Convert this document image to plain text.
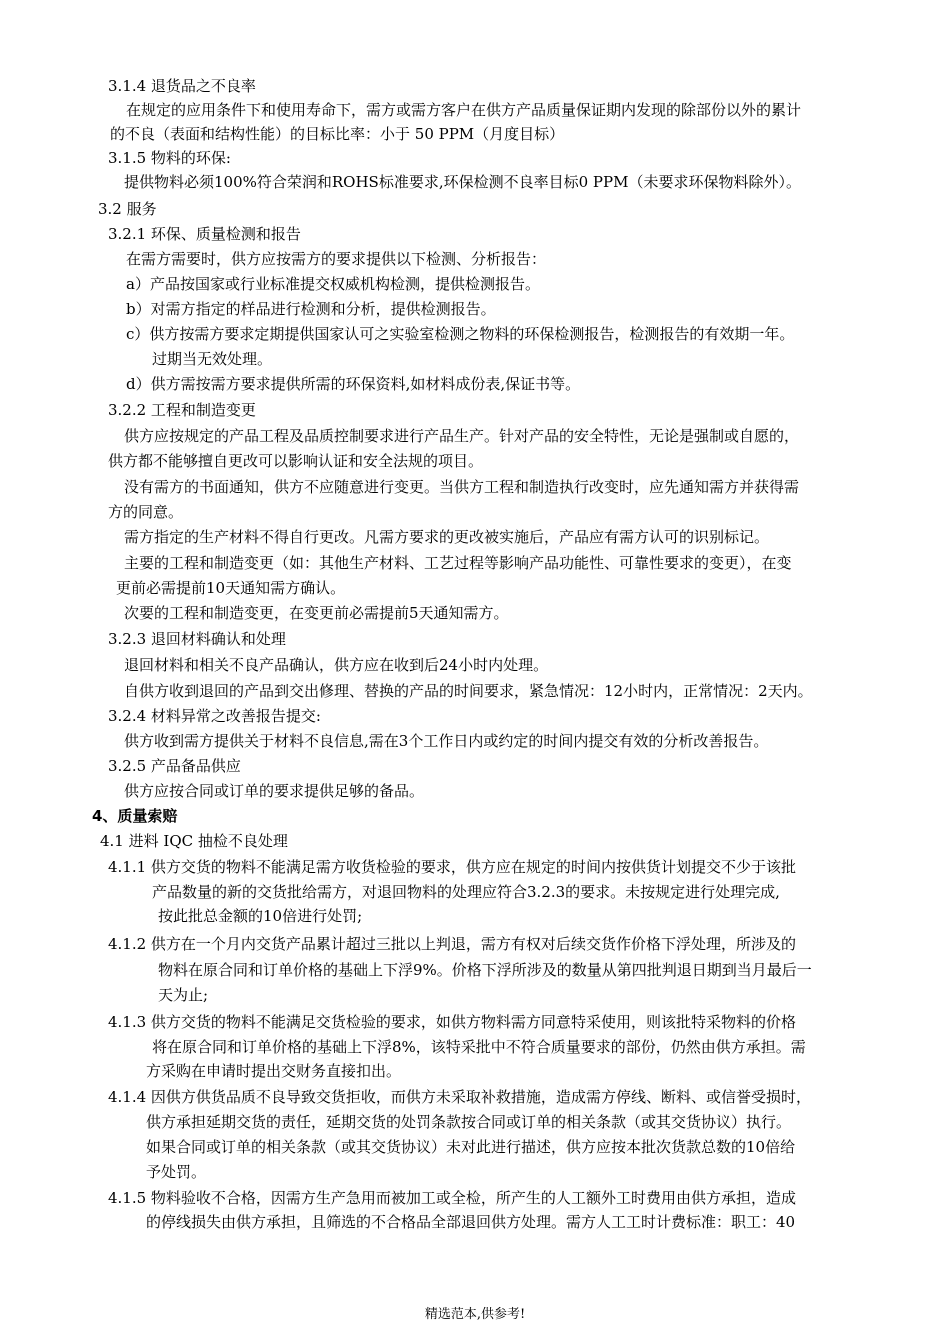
3.1.4 退货品之不良率
在规定的应用条件下和使用寿命下，需方或需方客户在供方产品质量保证期内发现的除部份以外的累计
的不良（表面和结构性能）的目标比率：小于 50 PPM（月度目标）
3.1.5 物料的环保:
提供物料必须100%符合荣润和ROHS标准要求,环保检测不良率目标0 PPM（未要求环保物料除外）。
3.2 服务
3.2.1 环保、质量检测和报告
在需方需要时，供方应按需方的要求提供以下检测、分析报告：
a）产品按国家或行业标准提交权威机构检测，提供检测报告。
b）对需方指定的样品进行检测和分析，提供检测报告。
c）供方按需方要求定期提供国家认可之实验室检测之物料的环保检测报告，检测报告的有效期一年。
过期当无效处理。
d）供方需按需方要求提供所需的环保资料,如材料成份表,保证书等。
3.2.2 工程和制造变更
供方应按规定的产品工程及品质控制要求进行产品生产。针对产品的安全特性，无论是强制或自愿的，
供方都不能够擅自更改可以影响认证和安全法规的项目。
没有需方的书面通知，供方不应随意进行变更。当供方工程和制造执行改变时，应先通知需方并获得需
方的同意。
需方指定的生产材料不得自行更改。凡需方要求的更改被实施后，产品应有需方认可的识别标记。
主要的工程和制造变更（如：其他生产材料、工艺过程等影响产品功能性、可靠性要求的变更），在变
更前必需提前10天通知需方确认。
次要的工程和制造变更，在变更前必需提前5天通知需方。
3.2.3 退回材料确认和处理
退回材料和相关不良产品确认，供方应在收到后24小时内处理。
自供方收到退回的产品到交出修理、替换的产品的时间要求，紧急情况：12小时内，正常情况：2天内。
3.2.4 材料异常之改善报告提交:
供方收到需方提供关于材料不良信息,需在3个工作日内或约定的时间内提交有效的分析改善报告。
3.2.5 产品备品供应
供方应按合同或订单的要求提供足够的备品。
4、质量索赔
4.1 进料 IQC 抽检不良处理
4.1.1 供方交货的物料不能满足需方收货检验的要求，供方应在规定的时间内按供货计划提交不少于该批
产品数量的新的交货批给需方，对退回物料的处理应符合3.2.3的要求。未按规定进行处理完成,
按此批总金额的10倍进行处罚;
4.1.2 供方在一个月内交货产品累计超过三批以上判退，需方有权对后续交货作价格下浮处理，所涉及的
物料在原合同和订单价格的基础上下浮9%。价格下浮所涉及的数量从第四批判退日期到当月最后一
天为止;
4.1.3 供方交货的物料不能满足交货检验的要求，如供方物料需方同意特采使用，则该批特采物料的价格
将在原合同和订单价格的基础上下浮8%，该特采批中不符合质量要求的部份，仍然由供方承担。需
方采购在申请时提出交财务直接扣出。
4.1.4 因供方供货品质不良导致交货拒收，而供方未采取补救措施，造成需方停线、断料、或信誉受损时，
供方承担延期交货的责任，延期交货的处罚条款按合同或订单的相关条款（或其交货协议）执行。
如果合同或订单的相关条款（或其交货协议）未对此进行描述，供方应按本批次货款总数的10倍给
予处罚。
4.1.5 物料验收不合格，因需方生产急用而被加工或全检，所产生的人工额外工时费用由供方承担，造成
的停线损失由供方承担，且筛选的不合格品全部退回供方处理。需方人工工时计费标准：职工：40
精选范本,供参考!
